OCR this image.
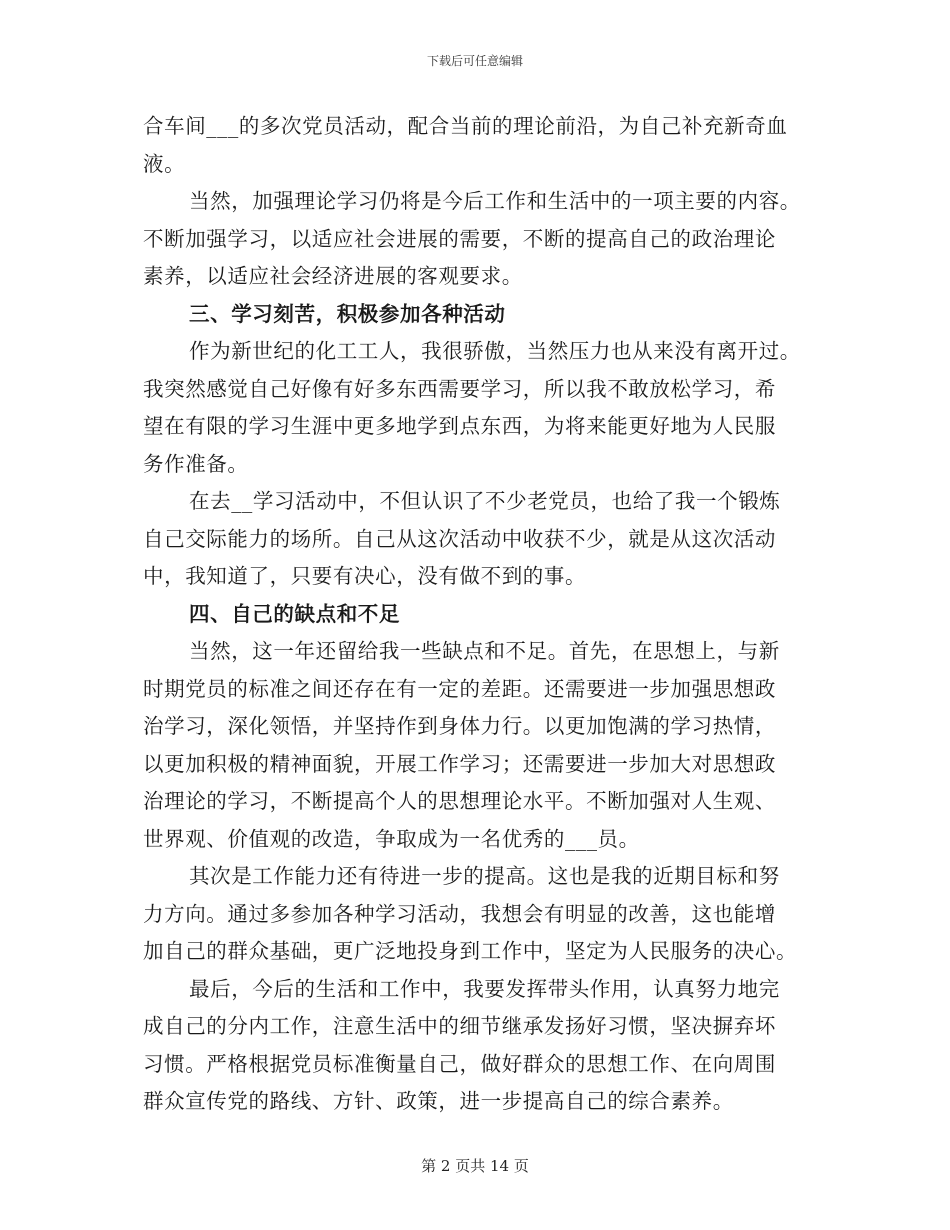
下载后可任意编辑
合车间___的多次党员活动，配合当前的理论前沿，为自己补充新奇血
液。
当然，加强理论学习仍将是今后工作和生活中的一项主要的内容。
不断加强学习，以适应社会进展的需要，不断的提高自己的政治理论
素养，以适应社会经济进展的客观要求。
三、学习刻苦，积极参加各种活动
作为新世纪的化工工人，我很骄傲，当然压力也从来没有离开过。
我突然感觉自己好像有好多东西需要学习，所以我不敢放松学习，希
望在有限的学习生涯中更多地学到点东西，为将来能更好地为人民服
务作准备。
在去__学习活动中，不但认识了不少老党员，也给了我一个锻炼
自己交际能力的场所。自己从这次活动中收获不少，就是从这次活动
中，我知道了，只要有决心，没有做不到的事。
四、自己的缺点和不足
当然，这一年还留给我一些缺点和不足。首先，在思想上，与新
时期党员的标准之间还存在有一定的差距。还需要进一步加强思想政
治学习，深化领悟，并坚持作到身体力行。以更加饱满的学习热情，
以更加积极的精神面貌，开展工作学习；还需要进一步加大对思想政
治理论的学习，不断提高个人的思想理论水平。不断加强对人生观、
世界观、价值观的改造，争取成为一名优秀的___员。
其次是工作能力还有待进一步的提高。这也是我的近期目标和努
力方向。通过多参加各种学习活动，我想会有明显的改善，这也能增
加自己的群众基础，更广泛地投身到工作中，坚定为人民服务的决心。
最后，今后的生活和工作中，我要发挥带头作用，认真努力地完
成自己的分内工作，注意生活中的细节继承发扬好习惯，坚决摒弃坏
习惯。严格根据党员标准衡量自己，做好群众的思想工作、在向周围
群众宣传党的路线、方针、政策，进一步提高自己的综合素养。
第 2 页共 14 页
